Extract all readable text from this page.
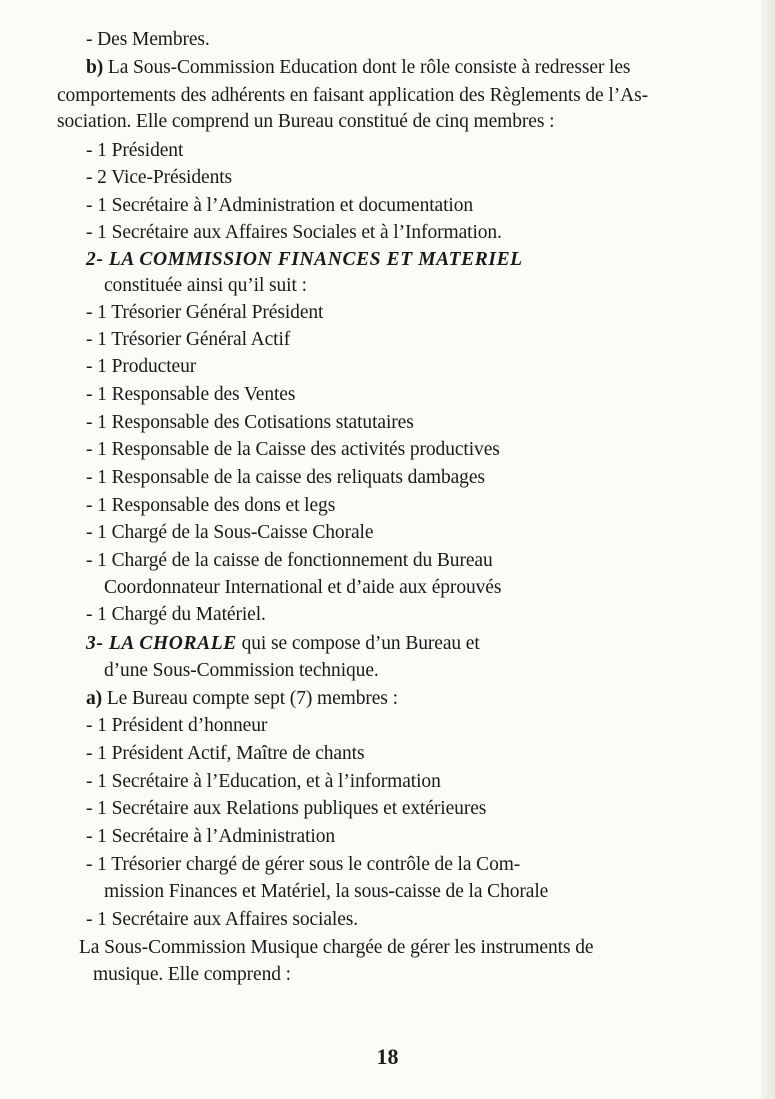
- Des Membres.
b) La Sous-Commission Education dont le rôle consiste à redresser les
comportements des adhérents en faisant application des Règlements de l’As-
sociation. Elle comprend un Bureau constitué de cinq membres :
- 1 Président
- 2 Vice-Présidents
- 1 Secrétaire à l’Administration et documentation
- 1 Secrétaire aux Affaires Sociales et à l’Information.
2- LA COMMISSION FINANCES ET MATERIEL
constituée ainsi qu’il suit :
- 1 Trésorier Général Président
- 1 Trésorier Général Actif
- 1 Producteur
- 1 Responsable des Ventes
- 1 Responsable des Cotisations statutaires
- 1 Responsable de la Caisse des activités productives
- 1 Responsable de la caisse des reliquats dambages
- 1 Responsable des dons et legs
- 1 Chargé de la Sous-Caisse Chorale
- 1 Chargé de la caisse de fonctionnement du Bureau
Coordonnateur International et d’aide aux éprouvés
- 1 Chargé du Matériel.
3- LA CHORALE qui se compose d’un Bureau et
d’une Sous-Commission technique.
a) Le Bureau compte sept (7) membres :
- 1 Président d’honneur
- 1 Président Actif, Maître de chants
- 1 Secrétaire à l’Education, et à l’information
- 1 Secrétaire aux Relations publiques et extérieures
- 1 Secrétaire à l’Administration
- 1 Trésorier chargé de gérer sous le contrôle de la Com-
mission Finances et Matériel, la sous-caisse de la Chorale
- 1 Secrétaire aux Affaires sociales.
La Sous-Commission Musique chargée de gérer les instruments de
musique. Elle comprend :
18
